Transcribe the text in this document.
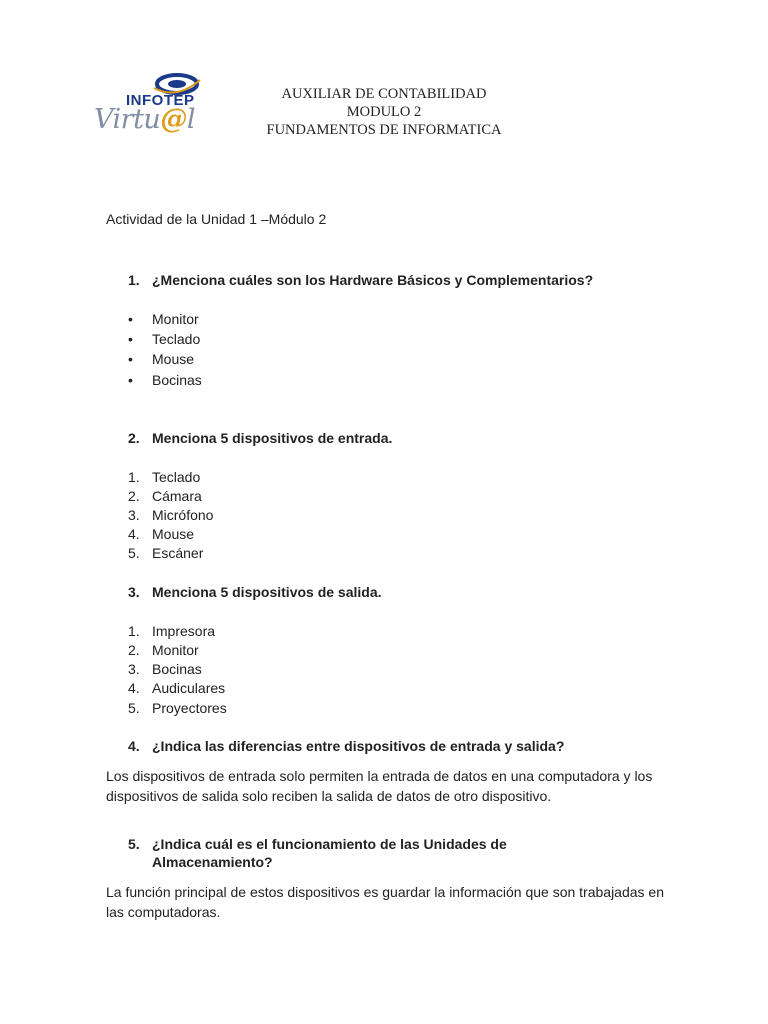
INFOTEP
Virtu@l
AUXILIAR DE CONTABILIDAD
MODULO 2
FUNDAMENTOS DE INFORMATICA
Actividad de la Unidad 1 –Módulo 2
1. ¿Menciona cuáles son los Hardware Básicos y Complementarios?
• Monitor
• Teclado
• Mouse
• Bocinas
2. Menciona 5 dispositivos de entrada.
1. Teclado
2. Cámara
3. Micrófono
4. Mouse
5. Escáner
3. Menciona 5 dispositivos de salida.
1. Impresora
2. Monitor
3. Bocinas
4. Audiculares
5. Proyectores
4. ¿Indica las diferencias entre dispositivos de entrada y salida?
Los dispositivos de entrada solo permiten la entrada de datos en una computadora y los dispositivos de salida solo reciben la salida de datos de otro dispositivo.
5. ¿Indica cuál es el funcionamiento de las Unidades de Almacenamiento?
La función principal de estos dispositivos es guardar la información que son trabajadas en las computadoras.
